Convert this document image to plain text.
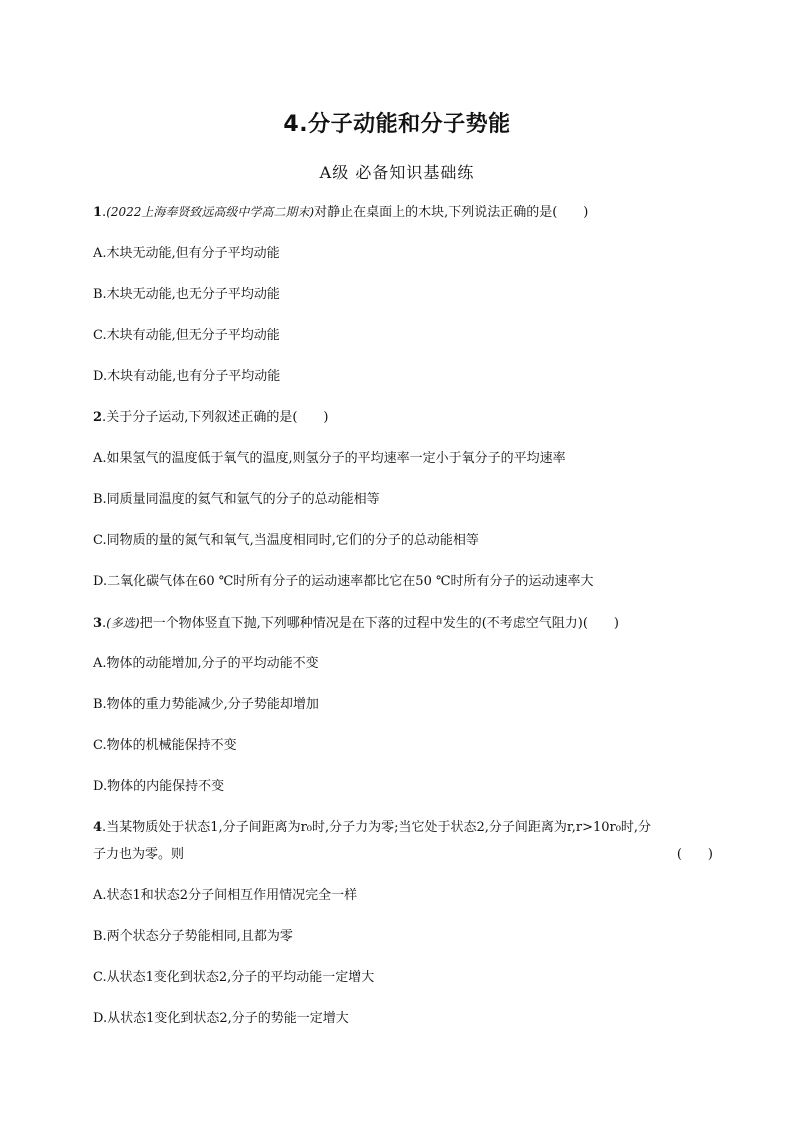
4.分子动能和分子势能
A级 必备知识基础练
1.(2022上海奉贤致远高级中学高二期末)对静止在桌面上的木块,下列说法正确的是(　　)
A.木块无动能,但有分子平均动能
B.木块无动能,也无分子平均动能
C.木块有动能,但无分子平均动能
D.木块有动能,也有分子平均动能
2.关于分子运动,下列叙述正确的是(　　)
A.如果氢气的温度低于氧气的温度,则氢分子的平均速率一定小于氧分子的平均速率
B.同质量同温度的氦气和氩气的分子的总动能相等
C.同物质的量的氮气和氧气,当温度相同时,它们的分子的总动能相等
D.二氧化碳气体在60 ℃时所有分子的运动速率都比它在50 ℃时所有分子的运动速率大
3.(多选)把一个物体竖直下抛,下列哪种情况是在下落的过程中发生的(不考虑空气阻力)(　　)
A.物体的动能增加,分子的平均动能不变
B.物体的重力势能减少,分子势能却增加
C.物体的机械能保持不变
D.物体的内能保持不变
4.当某物质处于状态1,分子间距离为r₀时,分子力为零;当它处于状态2,分子间距离为r,r>10r₀时,分
子力也为零。则	(　　)
A.状态1和状态2分子间相互作用情况完全一样
B.两个状态分子势能相同,且都为零
C.从状态1变化到状态2,分子的平均动能一定增大
D.从状态1变化到状态2,分子的势能一定增大
